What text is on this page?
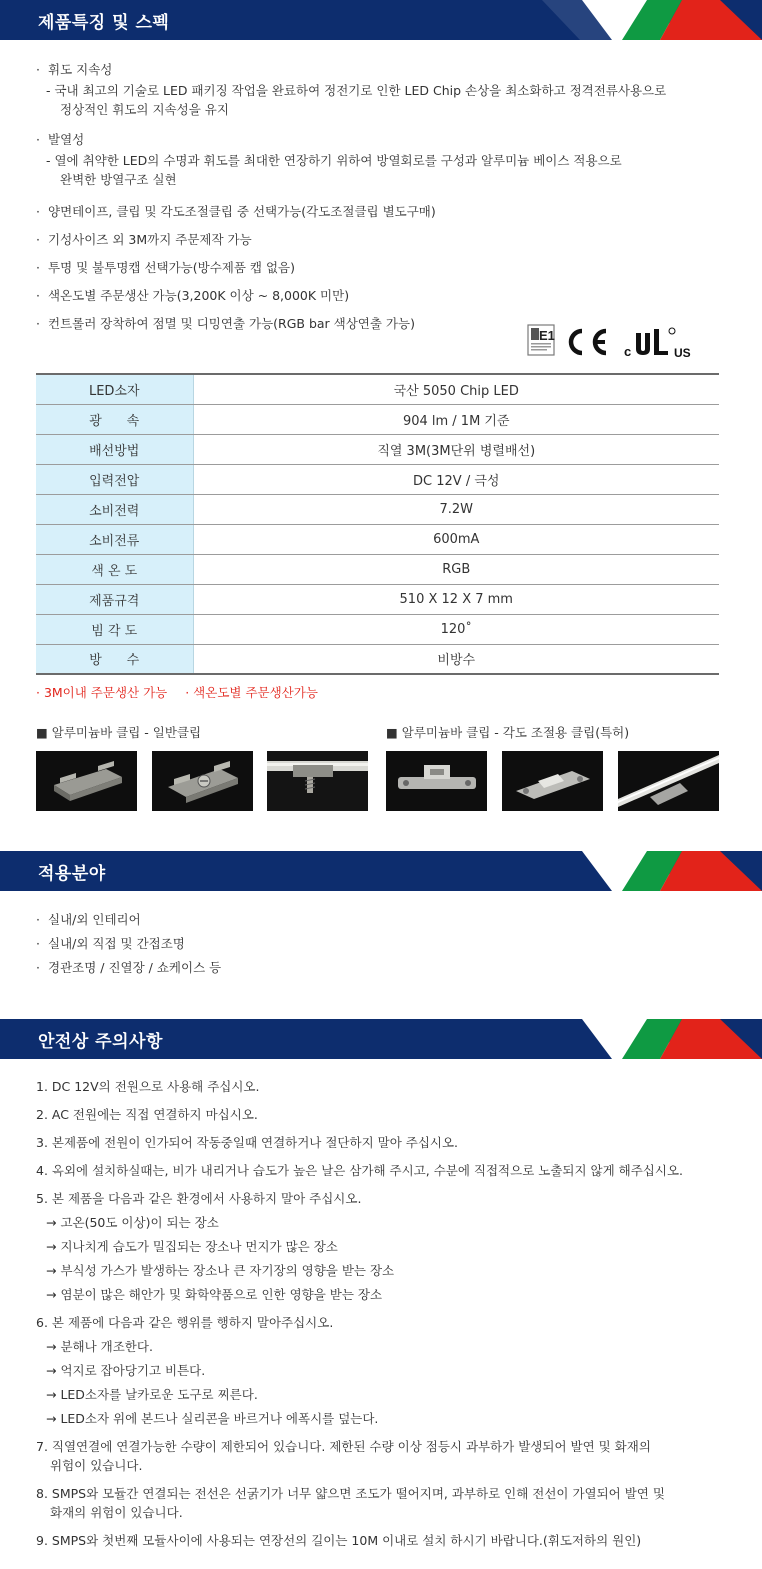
제품특징 및 스펙
· 휘도 지속성
- 국내 최고의 기술로 LED 패키징 작업을 완료하여 정전기로 인한 LED Chip 손상을 최소화하고 정격전류사용으로
정상적인 휘도의 지속성을 유지
· 발열성
- 열에 취약한 LED의 수명과 휘도를 최대한 연장하기 위하여 방열회로를 구성과 알루미늄 베이스 적용으로
완벽한 방열구조 실현
· 양면테이프, 클립 및 각도조절클립 중 선택가능(각도조절클립 별도구매)
· 기성사이즈 외 3M까지 주문제작 가능
· 투명 및 불투명캡 선택가능(방수제품 캡 없음)
· 색온도별 주문생산 가능(3,200K 이상 ~ 8,000K 미만)
· 컨트롤러 장착하여 점멸 및 디밍연출 가능(RGB bar 색상연출 가능)
E1
c	US
LED소자	국산 5050 Chip LED
광      속	904 lm / 1M 기준
배선방법	직열 3M(3M단위 병렬배선)
입력전압	DC 12V / 극성
소비전력	7.2W
소비전류	600mA
색 온 도	RGB
제품규격	510 X 12 X 7 mm
빔 각 도	120˚
방      수	비방수
· 3M이내 주문생산 가능 · 색온도별 주문생산가능
■ 알루미늄바 클립 - 일반클립	■ 알루미늄바 클립 - 각도 조절용 클립(특허)
적용분야
· 실내/외 인테리어
· 실내/외 직접 및 간접조명
· 경관조명 / 진열장 / 쇼케이스 등
안전상 주의사항
1. DC 12V의 전원으로 사용해 주십시오.
2. AC 전원에는 직접 연결하지 마십시오.
3. 본제품에 전원이 인가되어 작동중일때 연결하거나 절단하지 말아 주십시오.
4. 옥외에 설치하실때는, 비가 내리거나 습도가 높은 날은 삼가해 주시고, 수분에 직접적으로 노출되지 않게 해주십시오.
5. 본 제품을 다음과 같은 환경에서 사용하지 말아 주십시오.
→ 고온(50도 이상)이 되는 장소
→ 지나치게 습도가 밀집되는 장소나 먼지가 많은 장소
→ 부식성 가스가 발생하는 장소나 큰 자기장의 영향을 받는 장소
→ 염분이 많은 해안가 및 화학약품으로 인한 영향을 받는 장소
6. 본 제품에 다음과 같은 행위를 행하지 말아주십시오.
→ 분해나 개조한다.
→ 억지로 잡아당기고 비튼다.
→ LED소자를 날카로운 도구로 찌른다.
→ LED소자 위에 본드나 실리콘을 바르거나 에폭시를 덮는다.
7. 직열연결에 연결가능한 수량이 제한되어 있습니다. 제한된 수량 이상 점등시 과부하가 발생되어 발연 및 화재의
위험이 있습니다.
8. SMPS와 모듈간 연결되는 전선은 선굵기가 너무 얇으면 조도가 떨어지며, 과부하로 인해 전선이 가열되어 발연 및
화재의 위험이 있습니다.
9. SMPS와 첫번째 모듈사이에 사용되는 연장선의 길이는 10M 이내로 설치 하시기 바랍니다.(휘도저하의 원인)
